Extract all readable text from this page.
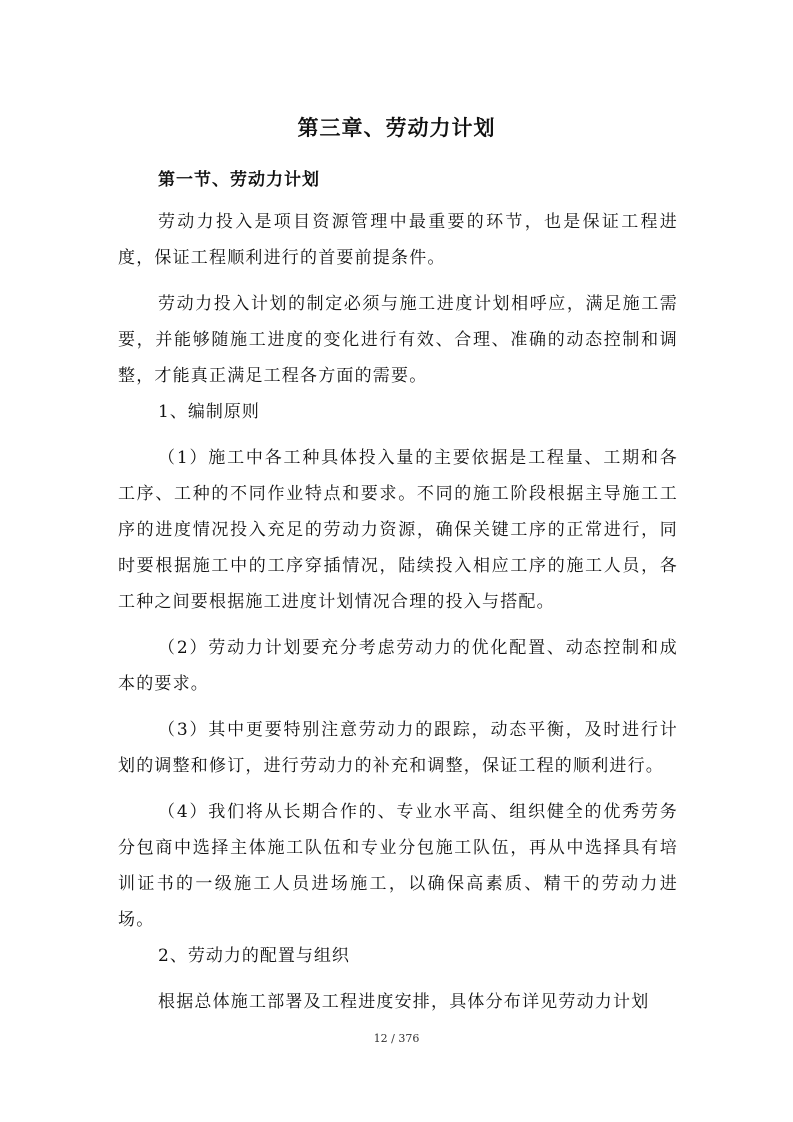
第三章、劳动力计划
第一节、劳动力计划

劳动力投入是项目资源管理中最重要的环节，也是保证工程进度，保证工程顺利进行的首要前提条件。

劳动力投入计划的制定必须与施工进度计划相呼应，满足施工需要，并能够随施工进度的变化进行有效、合理、准确的动态控制和调整，才能真正满足工程各方面的需要。

1、编制原则

（1）施工中各工种具体投入量的主要依据是工程量、工期和各工序、工种的不同作业特点和要求。不同的施工阶段根据主导施工工序的进度情况投入充足的劳动力资源，确保关键工序的正常进行，同时要根据施工中的工序穿插情况，陆续投入相应工序的施工人员，各工种之间要根据施工进度计划情况合理的投入与搭配。

（2）劳动力计划要充分考虑劳动力的优化配置、动态控制和成本的要求。

（3）其中更要特别注意劳动力的跟踪，动态平衡，及时进行计划的调整和修订，进行劳动力的补充和调整，保证工程的顺利进行。

（4）我们将从长期合作的、专业水平高、组织健全的优秀劳务分包商中选择主体施工队伍和专业分包施工队伍，再从中选择具有培训证书的一级施工人员进场施工，以确保高素质、精干的劳动力进场。

2、劳动力的配置与组织

根据总体施工部署及工程进度安排，具体分布详见劳动力计划

12 / 376
